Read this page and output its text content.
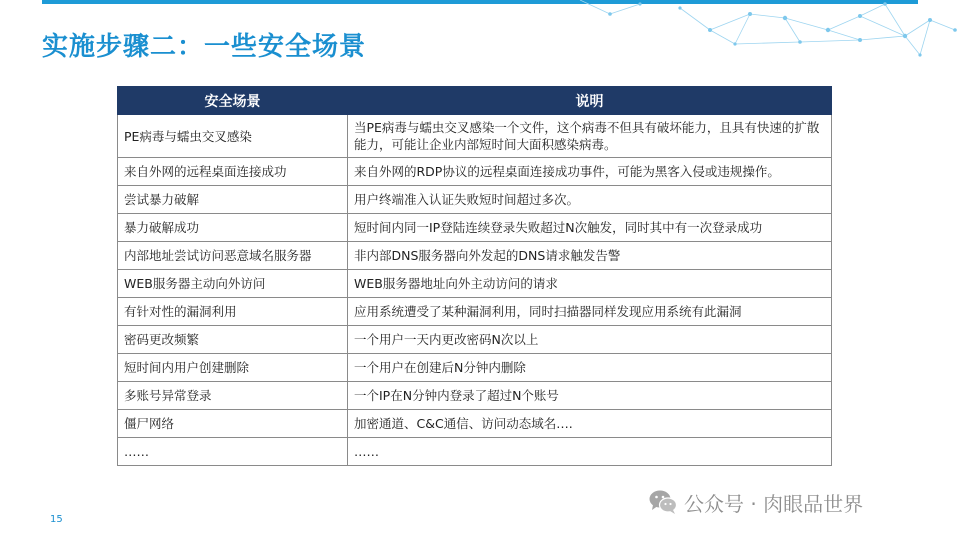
实施步骤二：一些安全场景
安全场景	说明
PE病毒与蠕虫交叉感染	当PE病毒与蠕虫交叉感染一个文件，这个病毒不但具有破坏能力，且具有快速的扩散能力，可能让企业内部短时间大面积感染病毒。
来自外网的远程桌面连接成功	来自外网的RDP协议的远程桌面连接成功事件，可能为黑客入侵或违规操作。
尝试暴力破解	用户终端准入认证失败短时间超过多次。
暴力破解成功	短时间内同一IP登陆连续登录失败超过N次触发，同时其中有一次登录成功
内部地址尝试访问恶意域名服务器	非内部DNS服务器向外发起的DNS请求触发告警
WEB服务器主动向外访问	WEB服务器地址向外主动访问的请求
有针对性的漏洞利用	应用系统遭受了某种漏洞利用，同时扫描器同样发现应用系统有此漏洞
密码更改频繁	一个用户一天内更改密码N次以上
短时间内用户创建删除	一个用户在创建后N分钟内删除
多账号异常登录	一个IP在N分钟内登录了超过N个账号
僵尸网络	加密通道、C&C通信、访问动态域名….
……	……
15
公众号 · 肉眼品世界
